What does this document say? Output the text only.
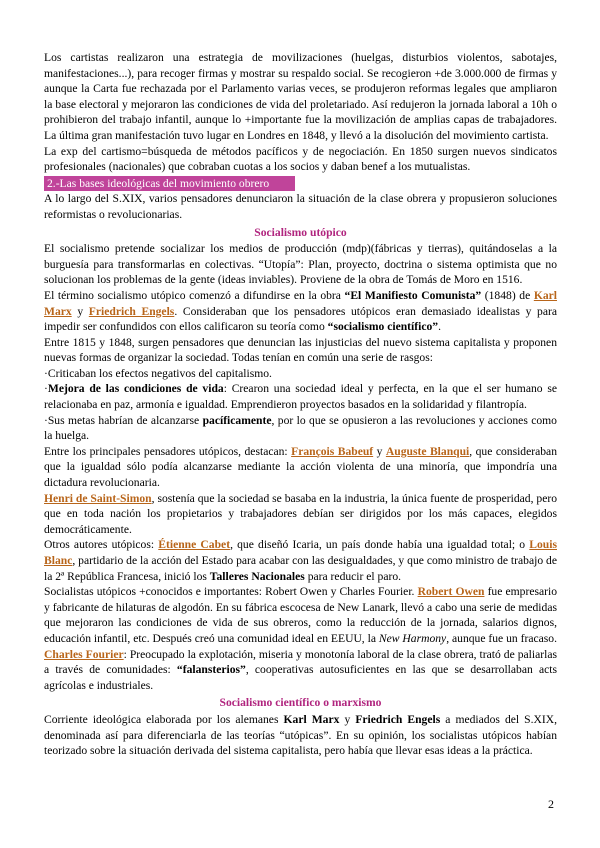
Los cartistas realizaron una estrategia de movilizaciones (huelgas, disturbios violentos, sabotajes, manifestaciones...), para recoger firmas y mostrar su respaldo social. Se recogieron +de 3.000.000 de firmas y aunque la Carta fue rechazada por el Parlamento varias veces, se produjeron reformas legales que ampliaron la base electoral y mejoraron las condiciones de vida del proletariado. Así redujeron la jornada laboral a 10h o prohibieron del trabajo infantil, aunque lo +importante fue la movilización de amplias capas de trabajadores. La última gran manifestación tuvo lugar en Londres en 1848, y llevó a la disolución del movimiento cartista.

La exp del cartismo=búsqueda de métodos pacíficos y de negociación. En 1850 surgen nuevos sindicatos profesionales (nacionales) que cobraban cuotas a los socios y daban benef a los mutualistas.

2.-Las bases ideológicas del movimiento obrero

A lo largo del S.XIX, varios pensadores denunciaron la situación de la clase obrera y propusieron soluciones reformistas o revolucionarias.

Socialismo utópico

El socialismo pretende socializar los medios de producción (mdp)(fábricas y tierras), quitándoselas a la burguesía para transformarlas en colectivas. “Utopía”: Plan, proyecto, doctrina o sistema optimista que no solucionan los problemas de la gente (ideas inviables). Proviene de la obra de Tomás de Moro en 1516.

El término socialismo utópico comenzó a difundirse en la obra “El Manifiesto Comunista” (1848) de Karl Marx y Friedrich Engels. Consideraban que los pensadores utópicos eran demasiado idealistas y para impedir ser confundidos con ellos calificaron su teoría como “socialismo científico”.

Entre 1815 y 1848, surgen pensadores que denuncian las injusticias del nuevo sistema capitalista y proponen nuevas formas de organizar la sociedad. Todas tenían en común una serie de rasgos:

·Criticaban los efectos negativos del capitalismo.

·Mejora de las condiciones de vida: Crearon una sociedad ideal y perfecta, en la que el ser humano se relacionaba en paz, armonía e igualdad. Emprendieron proyectos basados en la solidaridad y filantropía.

·Sus metas habrían de alcanzarse pacíficamente, por lo que se opusieron a las revoluciones y acciones como la huelga.

Entre los principales pensadores utópicos, destacan: François Babeuf y Auguste Blanqui, que consideraban que la igualdad sólo podía alcanzarse mediante la acción violenta de una minoría, que impondría una dictadura revolucionaria.

Henri de Saint-Simon, sostenía que la sociedad se basaba en la industria, la única fuente de prosperidad, pero que en toda nación los propietarios y trabajadores debían ser dirigidos por los más capaces, elegidos democráticamente.

Otros autores utópicos: Étienne Cabet, que diseñó Icaria, un país donde había una igualdad total; o Louis Blanc, partidario de la acción del Estado para acabar con las desigualdades, y que como ministro de trabajo de la 2ª República Francesa, inició los Talleres Nacionales para reducir el paro.

Socialistas utópicos +conocidos e importantes: Robert Owen y Charles Fourier. Robert Owen fue empresario y fabricante de hilaturas de algodón. En su fábrica escocesa de New Lanark, llevó a cabo una serie de medidas que mejoraron las condiciones de vida de sus obreros, como la reducción de la jornada, salarios dignos, educación infantil, etc. Después creó una comunidad ideal en EEUU, la New Harmony, aunque fue un fracaso. Charles Fourier: Preocupado la explotación, miseria y monotonía laboral de la clase obrera, trató de paliarlas a través de comunidades: “falansterios”, cooperativas autosuficientes en las que se desarrollaban acts agrícolas e industriales.

Socialismo científico o marxismo

Corriente ideológica elaborada por los alemanes Karl Marx y Friedrich Engels a mediados del S.XIX, denominada así para diferenciarla de las teorías “utópicas”. En su opinión, los socialistas utópicos habían teorizado sobre la situación derivada del sistema capitalista, pero había que llevar esas ideas a la práctica.

2
